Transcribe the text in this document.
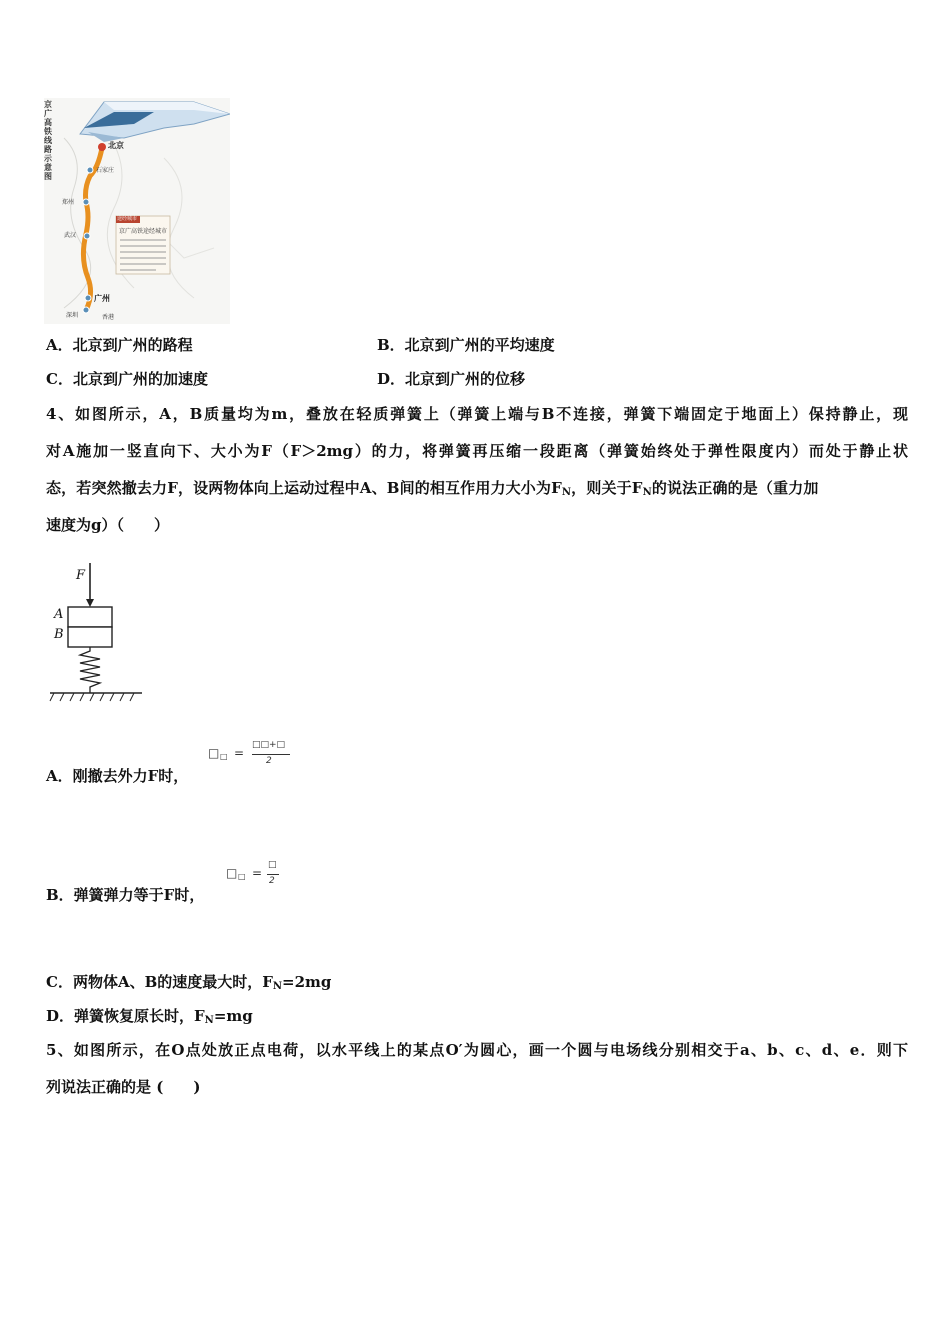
京
广
高
铁
线
路
示
意
图
北京
石家庄
郑州
武汉
广州
深圳	香港
途经城市
京广高铁途经城市
A．北京到广州的路程	B．北京到广州的平均速度
C．北京到广州的加速度	D．北京到广州的位移
4、如图所示，A，B质量均为m，叠放在轻质弹簧上（弹簧上端与B不连接，弹簧下端固定于地面上）保持静止，现
对A施加一竖直向下、大小为F（F＞2mg）的力，将弹簧再压缩一段距离（弹簧始终处于弹性限度内）而处于静止状
态，若突然撤去力F，设两物体向上运动过程中A、B间的相互作用力大小为$F_N$，则关于$F_N$的说法正确的是（重力加
速度为g）（　　）
F
A
B
A．刚撤去外力F时，
□ □ =
□□+□
2
B．弹簧弹力等于F时，
□ □ =
□
2
C．两物体A、B的速度最大时，$F_N=2mg$
D．弹簧恢复原长时，$F_N=mg$
5、如图所示，在O点处放正点电荷，以水平线上的某点O′为圆心，画一个圆与电场线分别相交于a、b、c、d、e．则下
列说法正确的是 (　　)
